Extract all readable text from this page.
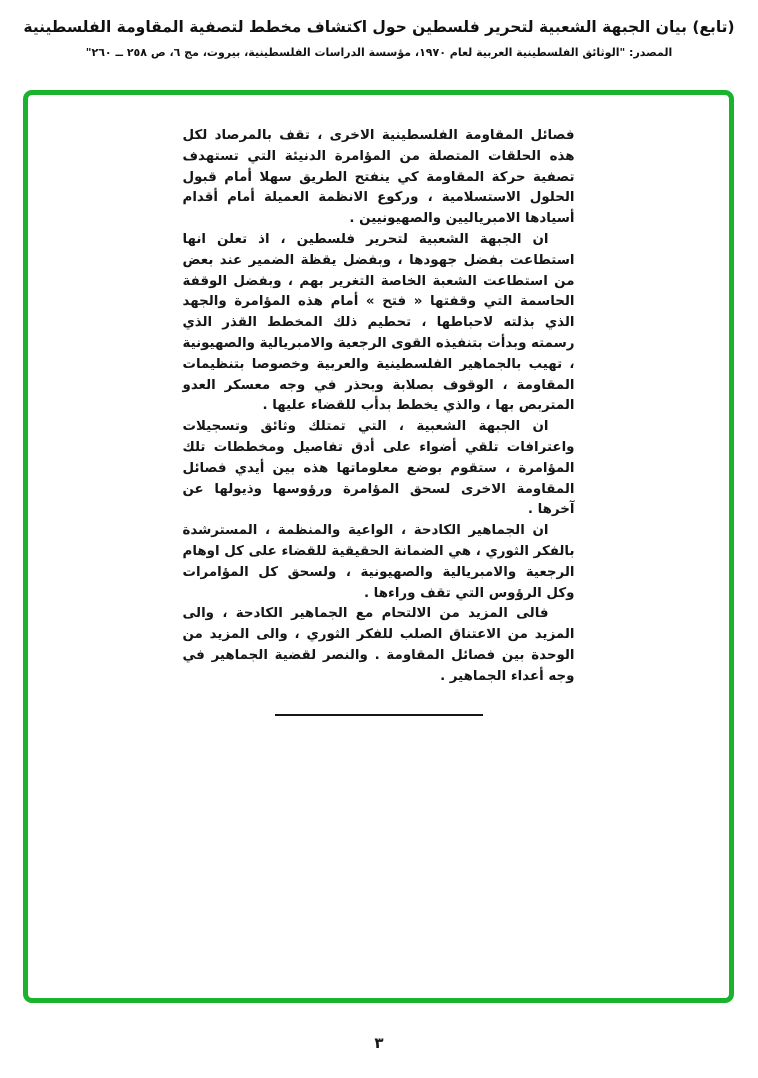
(تابع) بيان الجبهة الشعبية لتحرير فلسطين حول اكتشاف مخطط لتصفية المقاومة الفلسطينية
المصدر: "الوثائق الفلسطينية العربية لعام ١٩٧٠، مؤسسة الدراسات الفلسطينية، بيروت، مج ٦، ص ٢٥٨ ــ ٢٦٠"

فصائل المقاومة الفلسطينية الاخرى ، تقف بالمرصاد لكل هذه الحلقات المتصلة من المؤامرة الدنيئة التي تستهدف تصفية حركة المقاومة كي ينفتح الطريق سهلا أمام قبول الحلول الاستسلامية ، وركوع الانظمة العميلة أمام أقدام أسيادها الامبرياليين والصهيونيين .

ان الجبهة الشعبية لتحرير فلسطين ، اذ تعلن انها استطاعت بفضل جهودها ، وبفضل يقظة الضمير عند بعض من استطاعت الشعبة الخاصة التغرير بهم ، وبفضل الوقفة الحاسمة التي وقفتها « فتح » أمام هذه المؤامرة والجهد الذي بذلته لاحباطها ، تحطيم ذلك المخطط القذر الذي رسمته وبدأت بتنفيذه القوى الرجعية والامبريالية والصهيونية ، تهيب بالجماهير الفلسطينية والعربية وخصوصا بتنظيمات المقاومة ، الوقوف بصلابة وبحذر في وجه معسكر العدو المتربص بها ، والذي يخطط بدأب للقضاء عليها .

ان الجبهة الشعبية ، التي تمتلك وثائق وتسجيلات واعترافات تلقي أضواء على أدق تفاصيل ومخططات تلك المؤامرة ، ستقوم بوضع معلوماتها هذه بين أيدي فصائل المقاومة الاخرى لسحق المؤامرة ورؤوسها وذيولها عن آخرها .

ان الجماهير الكادحة ، الواعية والمنظمة ، المسترشدة بالفكر الثوري ، هي الضمانة الحقيقية للقضاء على كل اوهام الرجعية والامبريالية والصهيونية ، ولسحق كل المؤامرات وكل الرؤوس التي تقف وراءها .

فالى المزيد من الالتحام مع الجماهير الكادحة ، والى المزيد من الاعتناق الصلب للفكر الثوري ، والى المزيد من الوحدة بين فصائل المقاومة . والنصر لقضية الجماهير في وجه أعداء الجماهير .

٣
